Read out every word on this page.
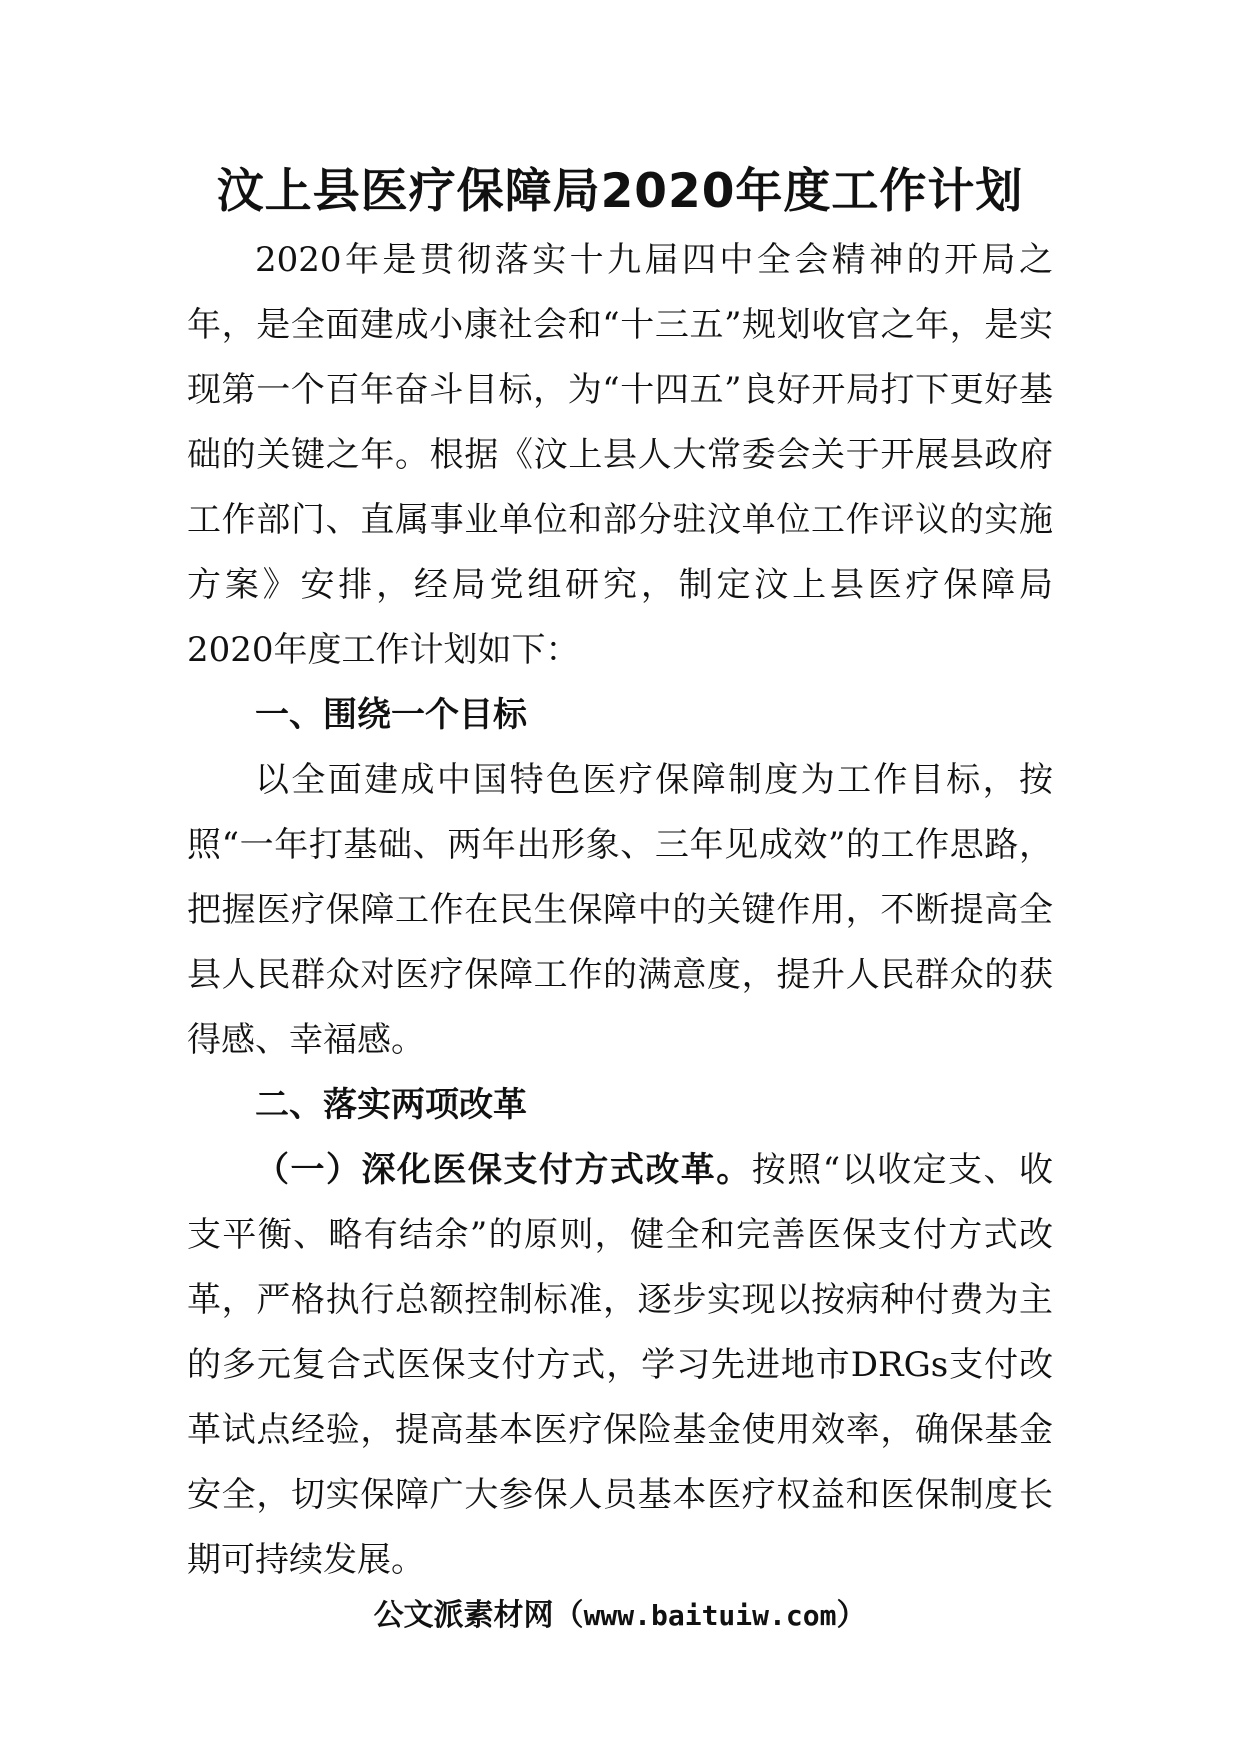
汶上县医疗保障局2020年度工作计划

2020年是贯彻落实十九届四中全会精神的开局之年，是全面建成小康社会和“十三五”规划收官之年，是实现第一个百年奋斗目标，为“十四五”良好开局打下更好基础的关键之年。根据《汶上县人大常委会关于开展县政府工作部门、直属事业单位和部分驻汶单位工作评议的实施方案》安排，经局党组研究，制定汶上县医疗保障局2020年度工作计划如下：

一、围绕一个目标

以全面建成中国特色医疗保障制度为工作目标，按照“一年打基础、两年出形象、三年见成效”的工作思路，把握医疗保障工作在民生保障中的关键作用，不断提高全县人民群众对医疗保障工作的满意度，提升人民群众的获得感、幸福感。

二、落实两项改革

（一）深化医保支付方式改革。按照“以收定支、收支平衡、略有结余”的原则，健全和完善医保支付方式改革，严格执行总额控制标准，逐步实现以按病种付费为主的多元复合式医保支付方式，学习先进地市DRGs支付改革试点经验，提高基本医疗保险基金使用效率，确保基金安全，切实保障广大参保人员基本医疗权益和医保制度长期可持续发展。

公文派素材网（www.baituiw.com）
